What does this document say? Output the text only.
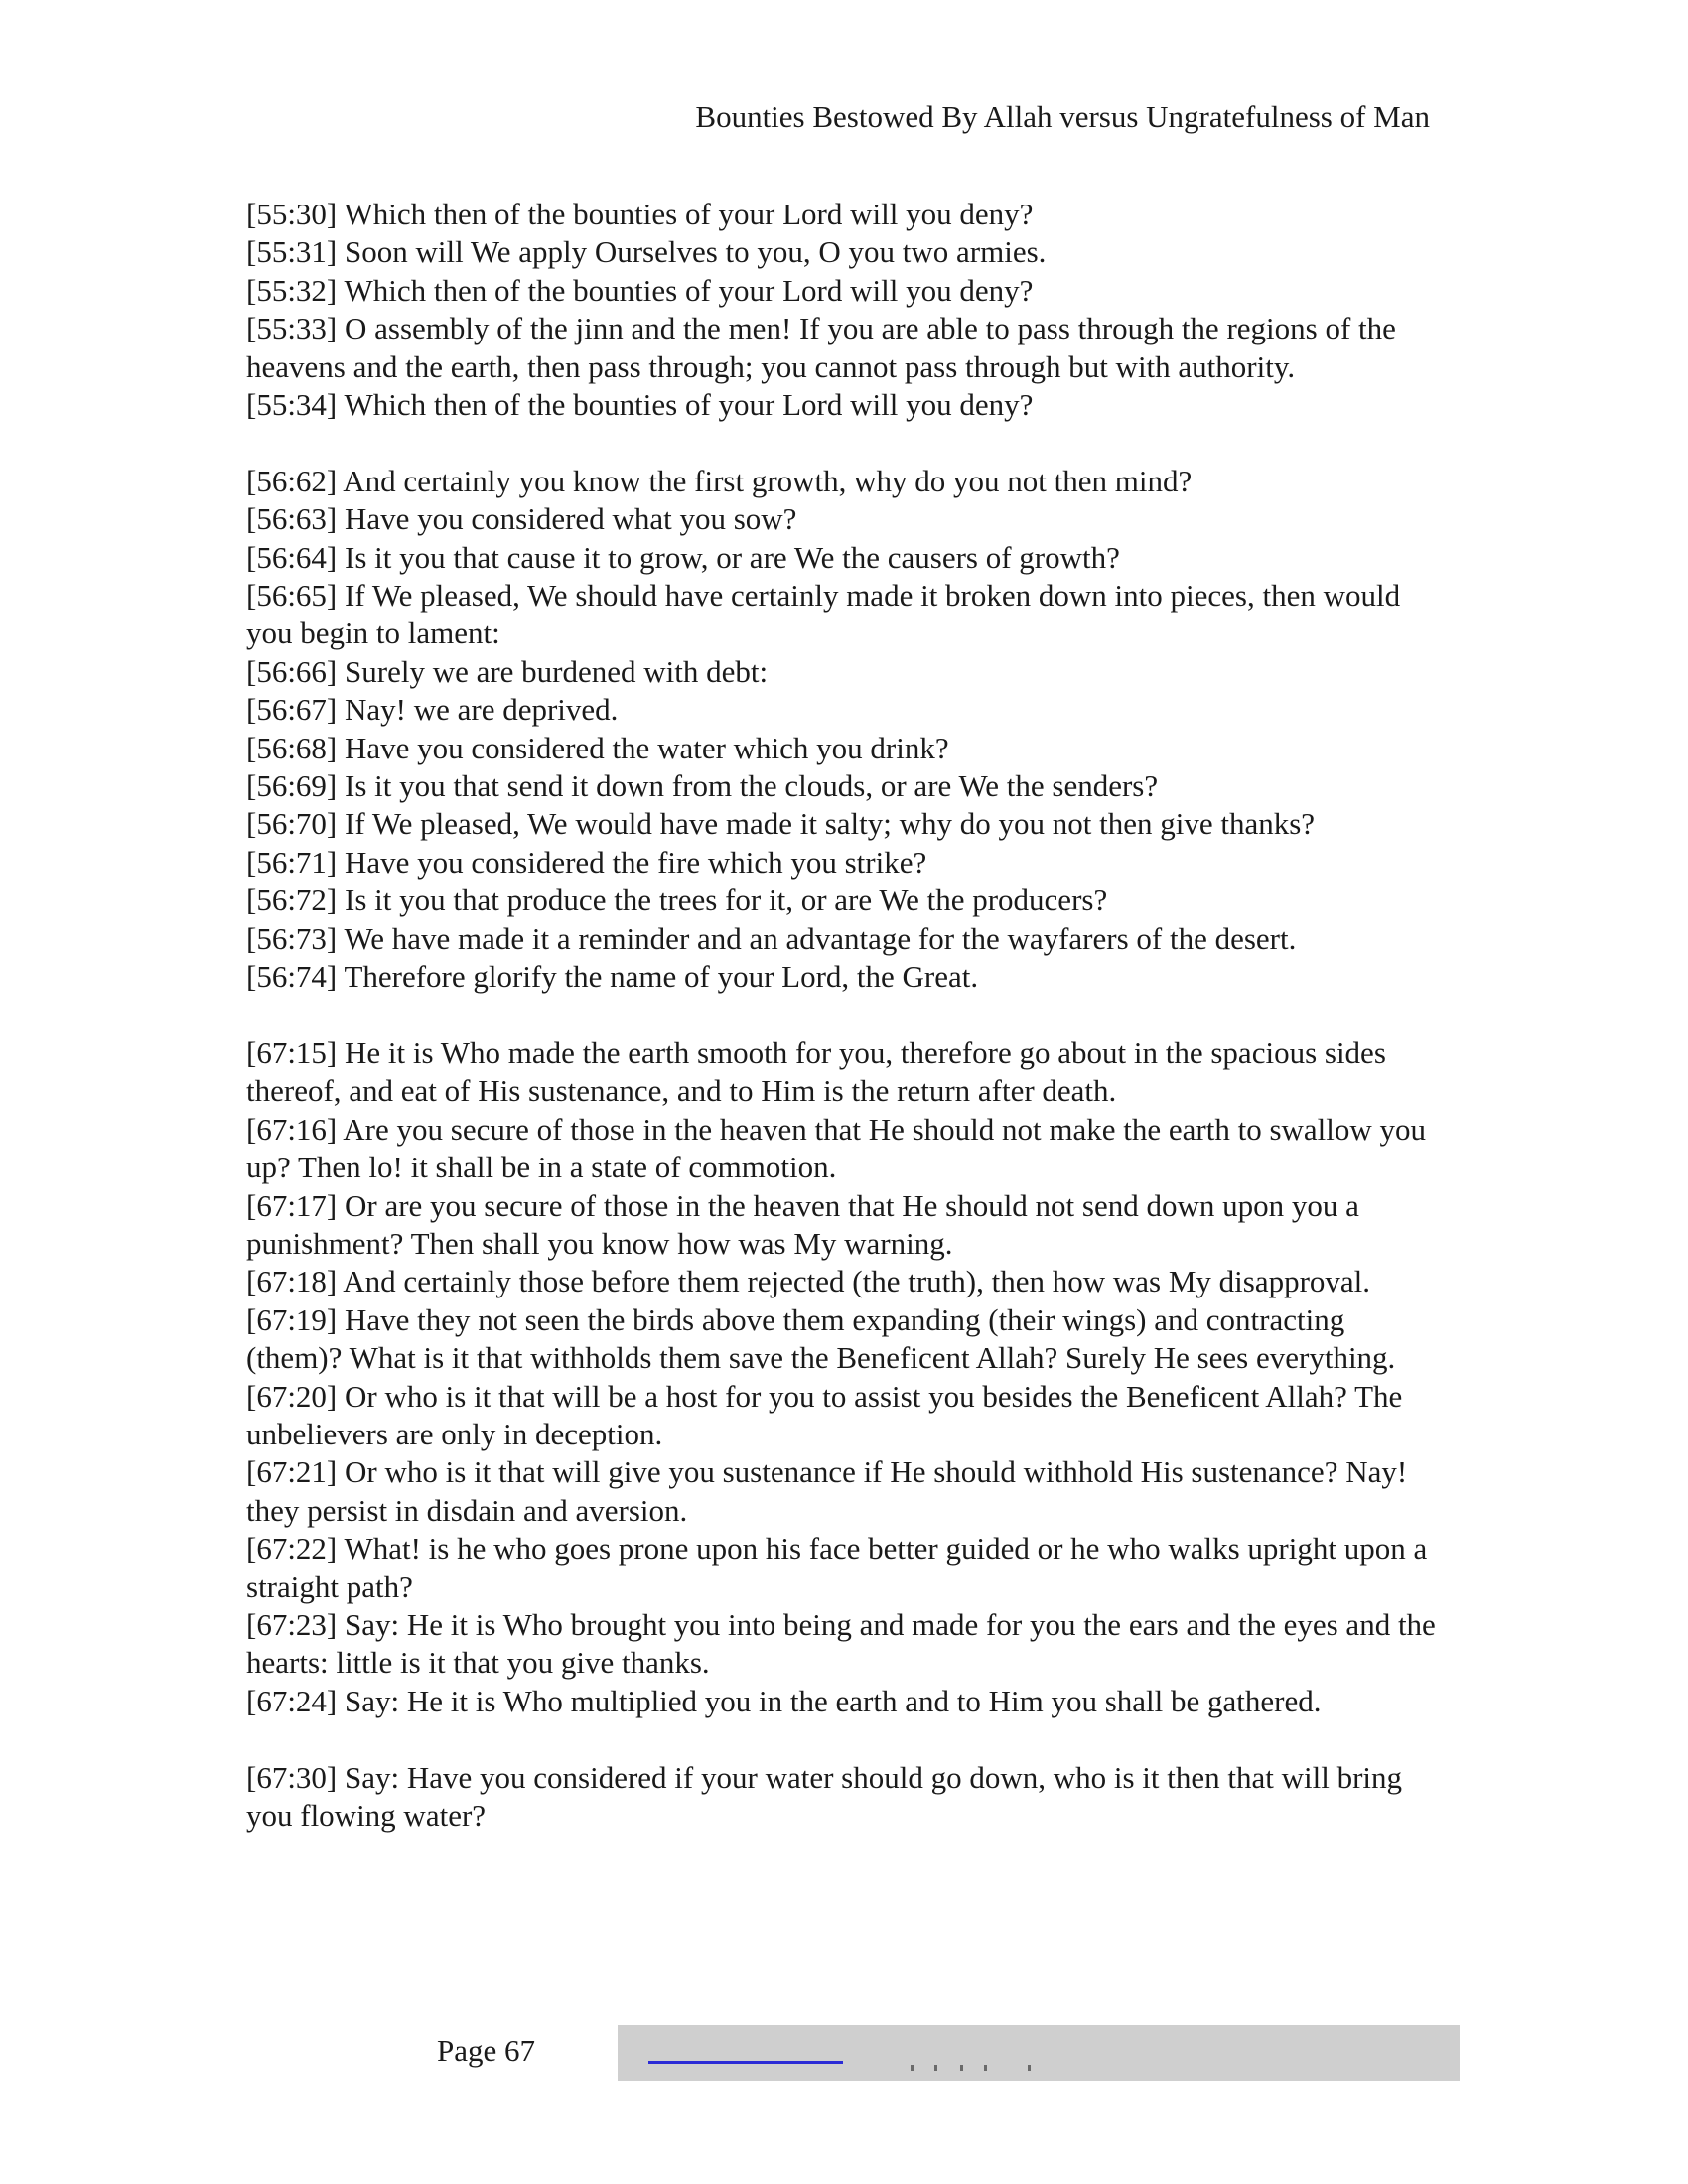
Bounties Bestowed By Allah versus Ungratefulness of Man

[55:30] Which then of the bounties of your Lord will you deny?

[55:31] Soon will We apply Ourselves to you, O you two armies.

[55:32] Which then of the bounties of your Lord will you deny?

[55:33] O assembly of the jinn and the men! If you are able to pass through the regions of the heavens and the earth, then pass through; you cannot pass through but with authority.

[55:34] Which then of the bounties of your Lord will you deny?

[56:62] And certainly you know the first growth, why do you not then mind?

[56:63] Have you considered what you sow?

[56:64] Is it you that cause it to grow, or are We the causers of growth?

[56:65] If We pleased, We should have certainly made it broken down into pieces, then would you begin to lament:

[56:66] Surely we are burdened with debt:

[56:67] Nay! we are deprived.

[56:68] Have you considered the water which you drink?

[56:69] Is it you that send it down from the clouds, or are We the senders?

[56:70] If We pleased, We would have made it salty; why do you not then give thanks?

[56:71] Have you considered the fire which you strike?

[56:72] Is it you that produce the trees for it, or are We the producers?

[56:73] We have made it a reminder and an advantage for the wayfarers of the desert.

[56:74] Therefore glorify the name of your Lord, the Great.

[67:15] He it is Who made the earth smooth for you, therefore go about in the spacious sides thereof, and eat of His sustenance, and to Him is the return after death.

[67:16] Are you secure of those in the heaven that He should not make the earth to swallow you up? Then lo! it shall be in a state of commotion.

[67:17] Or are you secure of those in the heaven that He should not send down upon you a punishment? Then shall you know how was My warning.

[67:18] And certainly those before them rejected (the truth), then how was My disapproval.

[67:19] Have they not seen the birds above them expanding (their wings) and contracting (them)? What is it that withholds them save the Beneficent Allah? Surely He sees everything.

[67:20] Or who is it that will be a host for you to assist you besides the Beneficent Allah? The unbelievers are only in deception.

[67:21] Or who is it that will give you sustenance if He should withhold His sustenance? Nay! they persist in disdain and aversion.

[67:22] What! is he who goes prone upon his face better guided or he who walks upright upon a straight path?

[67:23] Say: He it is Who brought you into being and made for you the ears and the eyes and the hearts: little is it that you give thanks.

[67:24] Say: He it is Who multiplied you in the earth and to Him you shall be gathered.

[67:30] Say: Have you considered if your water should go down, who is it then that will bring you flowing water?

Page 67
